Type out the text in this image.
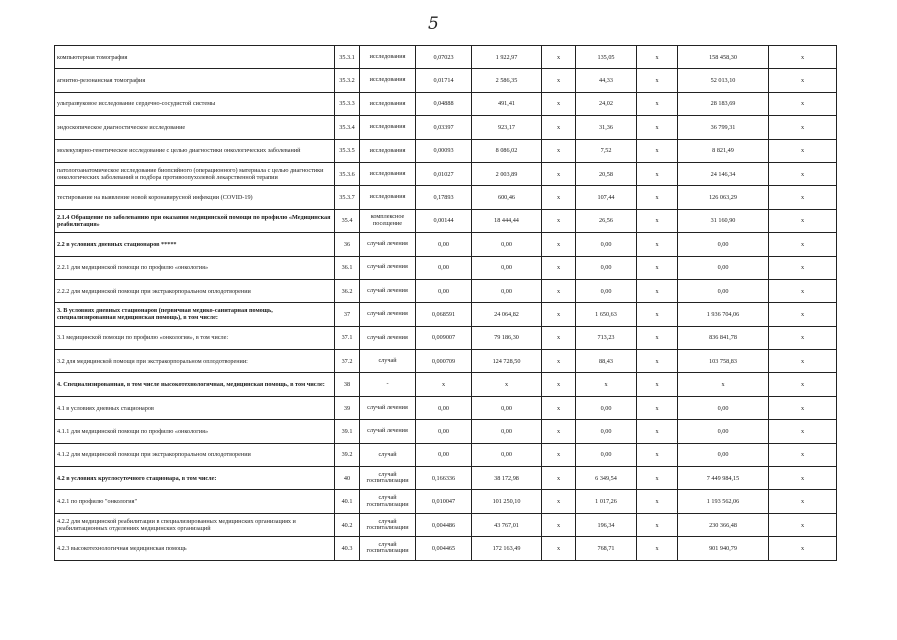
5
компьютерная томография	35.3.1	исследования	0,07023	1 922,97	x	135,05	x	158 458,30	x
агнитно-резонансная томография	35.3.2	исследования	0,01714	2 586,35	x	44,33	x	52 013,10	x
ультразвуковое исследование сердечно-сосудистой системы	35.3.3	исследования	0,04888	491,41	x	24,02	x	28 183,69	x
эндоскопическое диагностическое исследование	35.3.4	исследования	0,03397	923,17	x	31,36	x	36 799,31	x
молекулярно-генетическое исследование с целью диагностики онкологических заболеваний	35.3.5	исследования	0,00093	8 086,02	x	7,52	x	8 821,49	x
патологоанатомическое исследование биопсийного (операционного) материала с целью диагностики онкологических заболеваний и подбора противоопухолевой лекарственной терапии	35.3.6	исследования	0,01027	2 003,89	x	20,58	x	24 146,34	x
тестирование на выявление новой коронавирусной инфекции (COVID-19)	35.3.7	исследования	0,17893	600,46	x	107,44	x	126 063,29	x
2.1.4 Обращение по заболеванию при оказании медицинской помощи по профилю «Медицинская реабилитация»	35.4	комплексное посещение	0,00144	18 444,44	x	26,56	x	31 160,90	x
2.2 в условиях дневных стационаров *****	36	случай лечения	0,00	0,00	x	0,00	x	0,00	x
2.2.1 для медицинской помощи по профилю «онкология»	36.1	случай лечения	0,00	0,00	x	0,00	x	0,00	x
2.2.2 для медицинской помощи при экстракорпоральном оплодотворении	36.2	случай лечения	0,00	0,00	x	0,00	x	0,00	x
3. В условиях дневных стационаров (первичная медико-санитарная помощь, специализированная медицинская помощь), в том числе:	37	случай лечения	0,068591	24 064,82	x	1 650,63	x	1 936 704,06	x
3.1 медицинской помощи по профилю «онкология», в том числе:	37.1	случай лечения	0,009007	79 186,30	x	713,23	x	836 841,78	x
3.2 для медицинской помощи при экстракорпоральном оплодотворении:	37.2	случай	0,000709	124 728,50	x	88,43	x	103 758,83	x
4. Специализированная, в том числе высокотехнологичная, медицинская помощь, в том числе:	38	-	x	x	x	x	x	x	x
4.1 в условиях дневных стационаров	39	случай лечения	0,00	0,00	x	0,00	x	0,00	x
4.1.1 для медицинской помощи по профилю «онкология»	39.1	случай лечения	0,00	0,00	x	0,00	x	0,00	x
4.1.2 для медицинской помощи при экстракорпоральном оплодотворении	39.2	случай	0,00	0,00	x	0,00	x	0,00	x
4.2 в условиях круглосуточного стационара, в том числе:	40	случай госпитализации	0,166336	38 172,98	x	6 349,54	x	7 449 984,15	x
4.2.1 по профилю "онкология"	40.1	случай госпитализации	0,010047	101 250,10	x	1 017,26	x	1 193 562,06	x
4.2.2 для медицинской реабилитации в специализированных медицинских организациях и реабилитационных отделениях медицинских организаций	40.2	случай госпитализации	0,004486	43 767,01	x	196,34	x	230 366,48	x
4.2.3 высокотехнологичная медицинская помощь	40.3	случай госпитализации	0,004465	172 163,49	x	768,71	x	901 940,79	x
